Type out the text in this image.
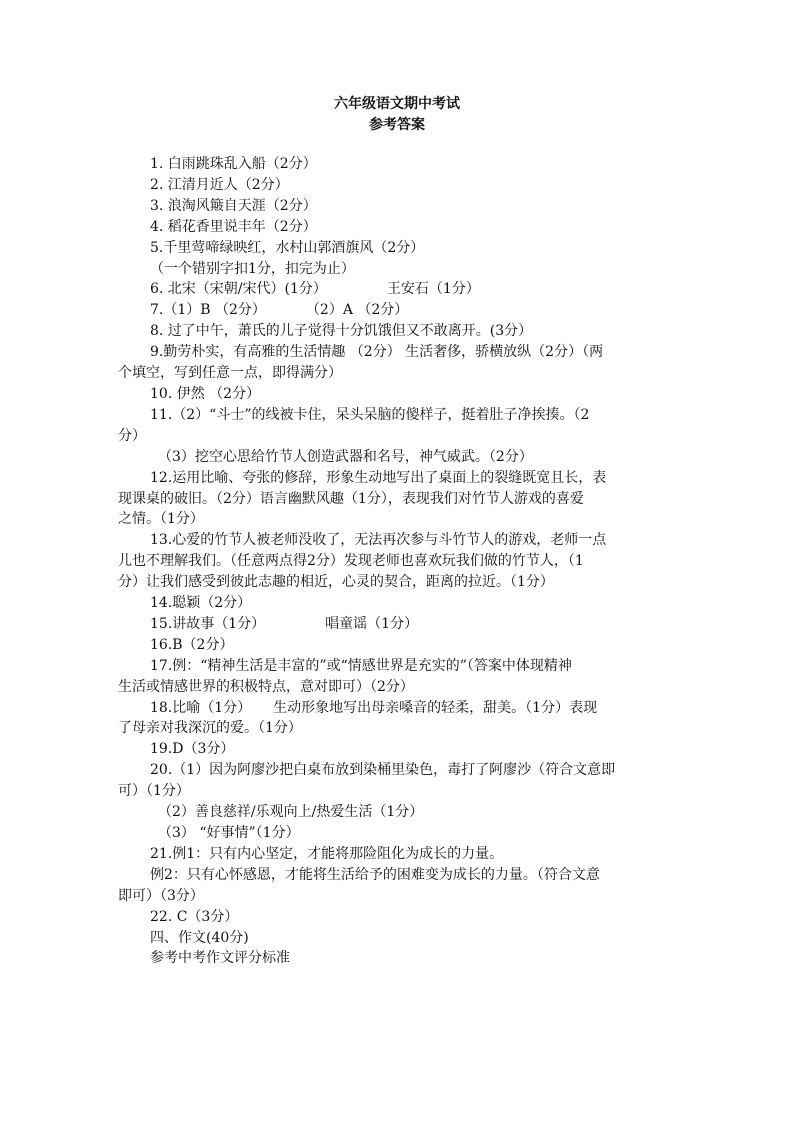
六年级语文期中考试

参考答案

1. 白雨跳珠乱入船（2分）

2. 江清月近人（2分）

3. 浪淘风簸自天涯（2分）

4. 稻花香里说丰年（2分）

5.千里莺啼绿映红，水村山郭酒旗风（2分）

（一个错别字扣1分，扣完为止）

6. 北宋（宋朝/宋代）(1分）	王安石（1分）

7.（1）B （2分）	（2）A （2分）

8. 过了中午，萧氏的儿子觉得十分饥饿但又不敢离开。(3分）

9.勤劳朴实，有高雅的生活情趣 （2分） 生活奢侈，骄横放纵（2分）（两

个填空，写到任意一点，即得满分）

10. 伊然 （2分）

11.（2）“斗士”的线被卡住，呆头呆脑的傻样子，挺着肚子净挨揍。（2

分）

（3）挖空心思给竹节人创造武器和名号，神气威武。（2分）

12.运用比喻、夸张的修辞，形象生动地写出了桌面上的裂缝既宽且长，表

现课桌的破旧。（2分）语言幽默风趣（1分），表现我们对竹节人游戏的喜爱

之情。（1分）

13.心爱的竹节人被老师没收了，无法再次参与斗竹节人的游戏，老师一点

儿也不理解我们。（任意两点得2分）发现老师也喜欢玩我们做的竹节人，（1

分）让我们感受到彼此志趣的相近，心灵的契合，距离的拉近。（1分）

14.聪颖（2分）

15.讲故事（1分）	唱童谣（1分）

16.B（2分）

17.例：“精神生活是丰富的”或“情感世界是充实的”（答案中体现精神

生活或情感世界的积极特点，意对即可）（2分）

18.比喻（1分） 生动形象地写出母亲嗓音的轻柔，甜美。（1分）表现

了母亲对我深沉的爱。（1分）

19.D（3分）

20.（1）因为阿廖沙把白桌布放到染桶里染色，毒打了阿廖沙（符合文意即

可）（1分）

（2）善良慈祥/乐观向上/热爱生活（1分）

（3） “好事情”（1分）

21.例1：只有内心坚定，才能将那险阻化为成长的力量。

例2：只有心怀感恩，才能将生活给予的困难变为成长的力量。（符合文意

即可）（3分）

22. C（3分）

四、作文(40分)

参考中考作文评分标准
